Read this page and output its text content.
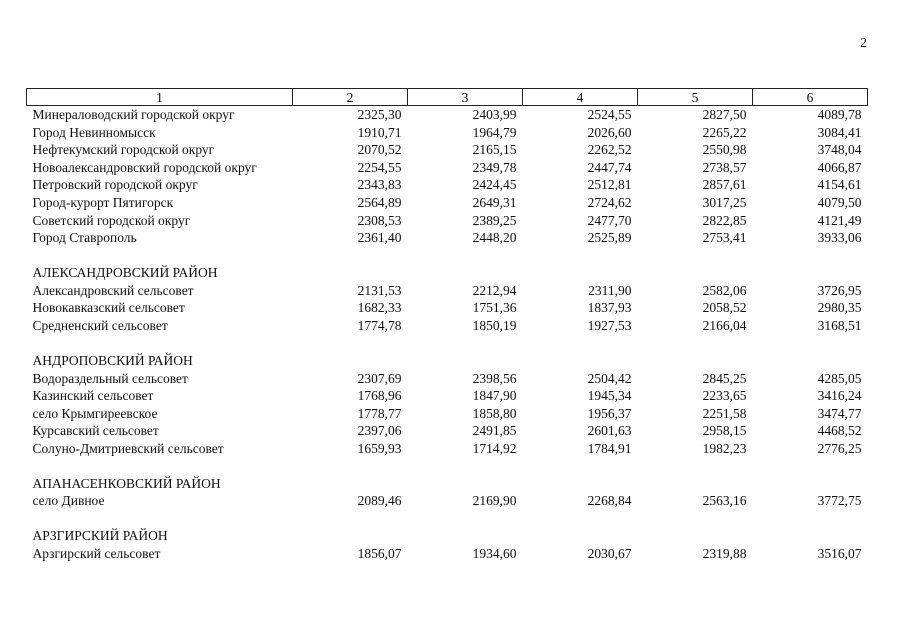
2
1	2	3	4	5	6
Минераловодский городской округ	2325,30	2403,99	2524,55	2827,50	4089,78
Город Невинномысск	1910,71	1964,79	2026,60	2265,22	3084,41
Нефтекумский городской округ	2070,52	2165,15	2262,52	2550,98	3748,04
Новоалександровский городской округ	2254,55	2349,78	2447,74	2738,57	4066,87
Петровский городской округ	2343,83	2424,45	2512,81	2857,61	4154,61
Город-курорт Пятигорск	2564,89	2649,31	2724,62	3017,25	4079,50
Советский городской округ	2308,53	2389,25	2477,70	2822,85	4121,49
Город Ставрополь	2361,40	2448,20	2525,89	2753,41	3933,06

АЛЕКСАНДРОВСКИЙ РАЙОН					
Александровский сельсовет	2131,53	2212,94	2311,90	2582,06	3726,95
Новокавказский сельсовет	1682,33	1751,36	1837,93	2058,52	2980,35
Средненский сельсовет	1774,78	1850,19	1927,53	2166,04	3168,51

АНДРОПОВСКИЙ РАЙОН					
Водораздельный сельсовет	2307,69	2398,56	2504,42	2845,25	4285,05
Казинский сельсовет	1768,96	1847,90	1945,34	2233,65	3416,24
село Крымгиреевское	1778,77	1858,80	1956,37	2251,58	3474,77
Курсавский сельсовет	2397,06	2491,85	2601,63	2958,15	4468,52
Солуно-Дмитриевский сельсовет	1659,93	1714,92	1784,91	1982,23	2776,25

АПАНАСЕНКОВСКИЙ РАЙОН					
село Дивное	2089,46	2169,90	2268,84	2563,16	3772,75

АРЗГИРСКИЙ РАЙОН					
Арзгирский сельсовет	1856,07	1934,60	2030,67	2319,88	3516,07
